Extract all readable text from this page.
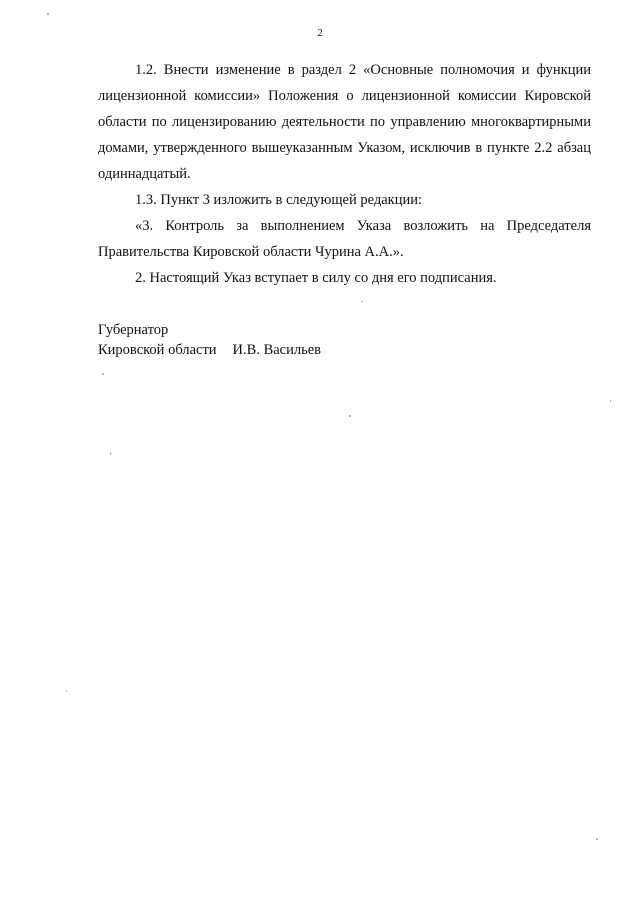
2

1.2. Внести изменение в раздел 2 «Основные полномочия и функции лицензионной комиссии» Положения о лицензионной комиссии Кировской области по лицензированию деятельности по управлению многоквартирными домами, утвержденного вышеуказанным Указом, исключив в пункте 2.2 абзац одиннадцатый.

1.3. Пункт 3 изложить в следующей редакции:

«3. Контроль за выполнением Указа возложить на Председателя Правительства Кировской области Чурина А.А.».

2. Настоящий Указ вступает в силу со дня его подписания.

Губернатор
Кировской области И.В. Васильев
